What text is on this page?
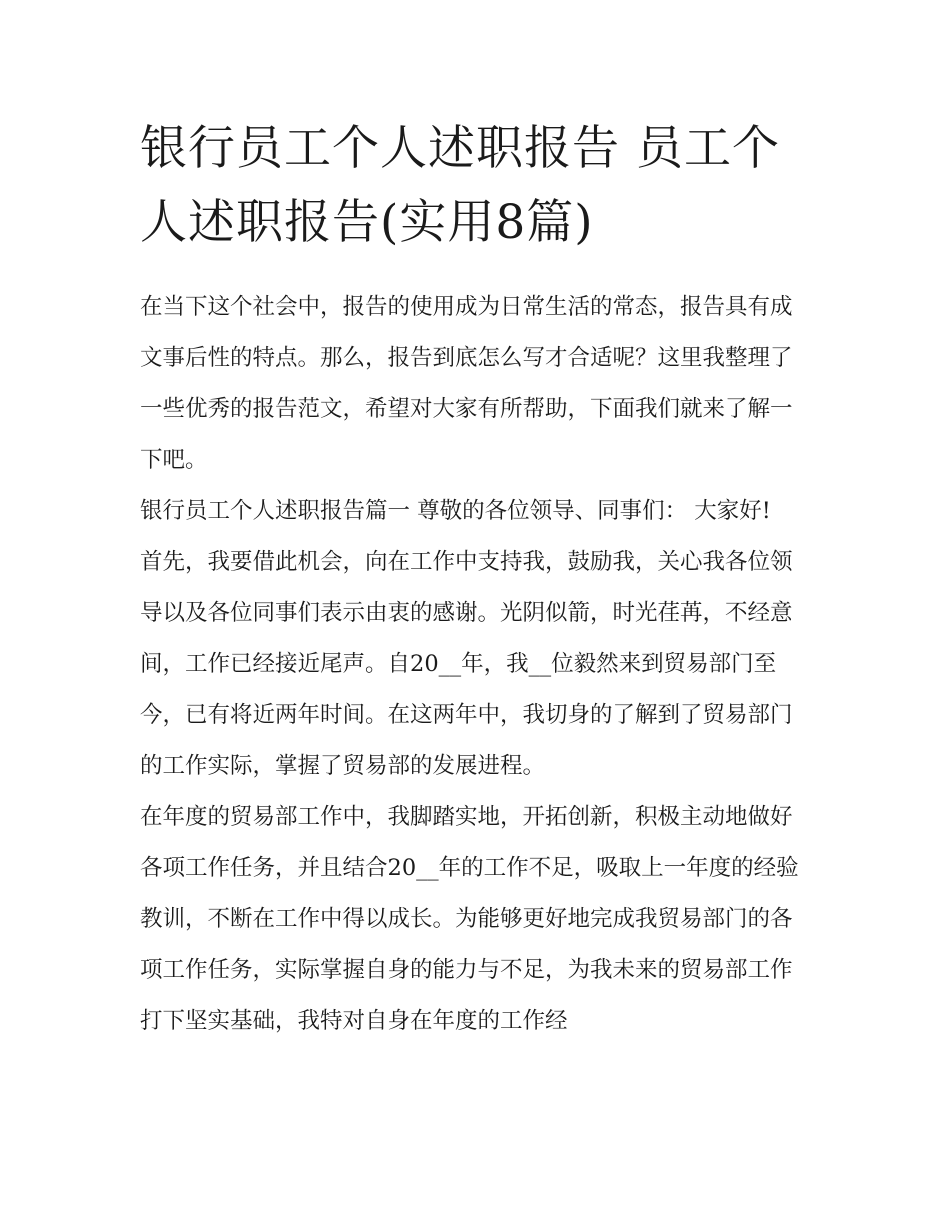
银行员工个人述职报告 员工个人述职报告(实用8篇)

在当下这个社会中，报告的使用成为日常生活的常态，报告具有成文事后性的特点。那么，报告到底怎么写才合适呢？这里我整理了一些优秀的报告范文，希望对大家有所帮助，下面我们就来了解一下吧。

银行员工个人述职报告篇一 尊敬的各位领导、同事们： 大家好!

首先，我要借此机会，向在工作中支持我，鼓励我，关心我各位领导以及各位同事们表示由衷的感谢。光阴似箭，时光荏苒，不经意间，工作已经接近尾声。自20__年，我__位毅然来到贸易部门至今，已有将近两年时间。在这两年中，我切身的了解到了贸易部门的工作实际，掌握了贸易部的发展进程。

在年度的贸易部工作中，我脚踏实地，开拓创新，积极主动地做好各项工作任务，并且结合20__年的工作不足，吸取上一年度的经验教训，不断在工作中得以成长。为能够更好地完成我贸易部门的各项工作任务，实际掌握自身的能力与不足，为我未来的贸易部工作打下坚实基础，我特对自身在年度的工作经
